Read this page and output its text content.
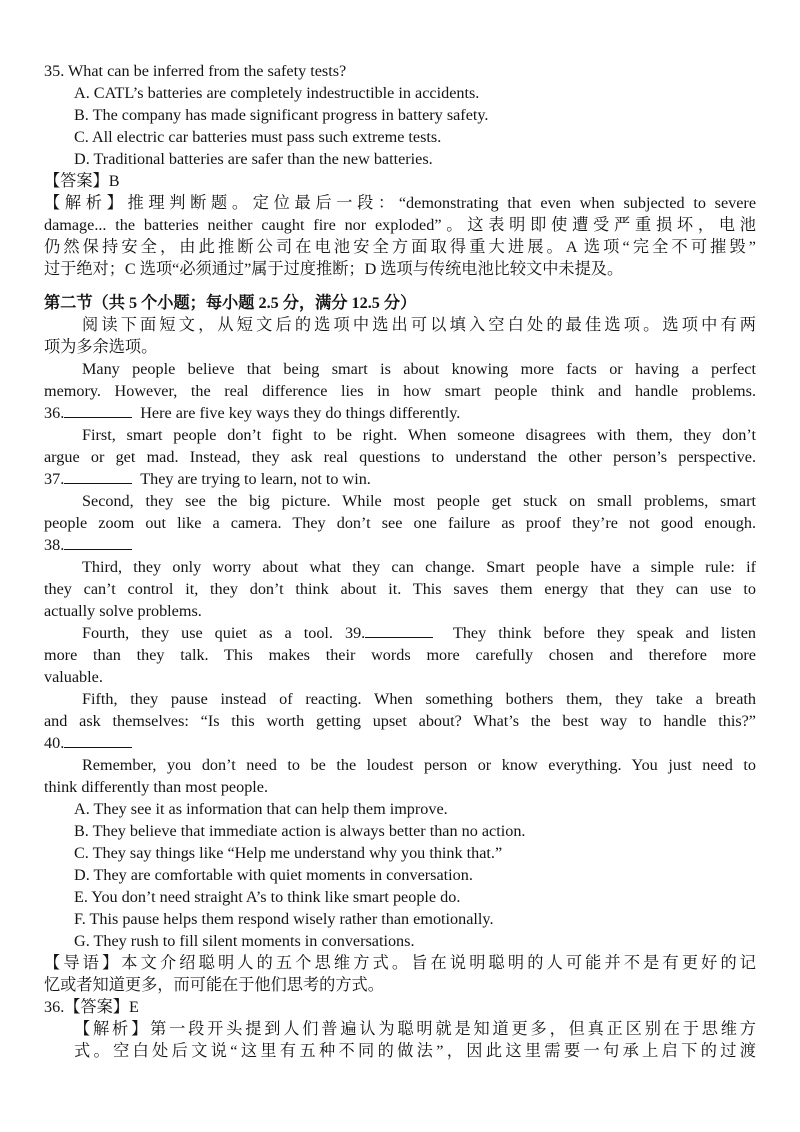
35. What can be inferred from the safety tests?
A. CATL’s batteries are completely indestructible in accidents.
B. The company has made significant progress in battery safety.
C. All electric car batteries must pass such extreme tests.
D. Traditional batteries are safer than the new batteries.
【答案】B
【解析】推理判断题。定位最后一段：“demonstrating that even when subjected to severe
damage... the batteries neither caught fire nor exploded”。这表明即使遭受严重损坏，电池
仍然保持安全，由此推断公司在电池安全方面取得重大进展。A 选项“完全不可摧毁”
过于绝对；C 选项“必须通过”属于过度推断；D 选项与传统电池比较文中未提及。
第二节（共 5 个小题；每小题 2.5 分，满分 12.5 分）
阅读下面短文，从短文后的选项中选出可以填入空白处的最佳选项。选项中有两
项为多余选项。
Many people believe that being smart is about knowing more facts or having a perfect
memory. However, the real difference lies in how smart people think and handle problems.
36.	Here are five key ways they do things differently.
First, smart people don’t fight to be right. When someone disagrees with them, they don’t
argue or get mad. Instead, they ask real questions to understand the other person’s perspective.
37.	They are trying to learn, not to win.
Second, they see the big picture. While most people get stuck on small problems, smart
people zoom out like a camera. They don’t see one failure as proof they’re not good enough.
38.
Third, they only worry about what they can change. Smart people have a simple rule: if
they can’t control it, they don’t think about it. This saves them energy that they can use to
actually solve problems.
Fourth, they use quiet as a tool. 39.	They think before they speak and listen
more than they talk. This makes their words more carefully chosen and therefore more
valuable.
Fifth, they pause instead of reacting. When something bothers them, they take a breath
and ask themselves: “Is this worth getting upset about? What’s the best way to handle this?”
40.
Remember, you don’t need to be the loudest person or know everything. You just need to
think differently than most people.
A. They see it as information that can help them improve.
B. They believe that immediate action is always better than no action.
C. They say things like “Help me understand why you think that.”
D. They are comfortable with quiet moments in conversation.
E. You don’t need straight A’s to think like smart people do.
F. This pause helps them respond wisely rather than emotionally.
G. They rush to fill silent moments in conversations.
【导语】本文介绍聪明人的五个思维方式。旨在说明聪明的人可能并不是有更好的记
忆或者知道更多，而可能在于他们思考的方式。
36.【答案】E
【解析】第一段开头提到人们普遍认为聪明就是知道更多，但真正区别在于思维方
式。空白处后文说“这里有五种不同的做法”，因此这里需要一句承上启下的过渡
